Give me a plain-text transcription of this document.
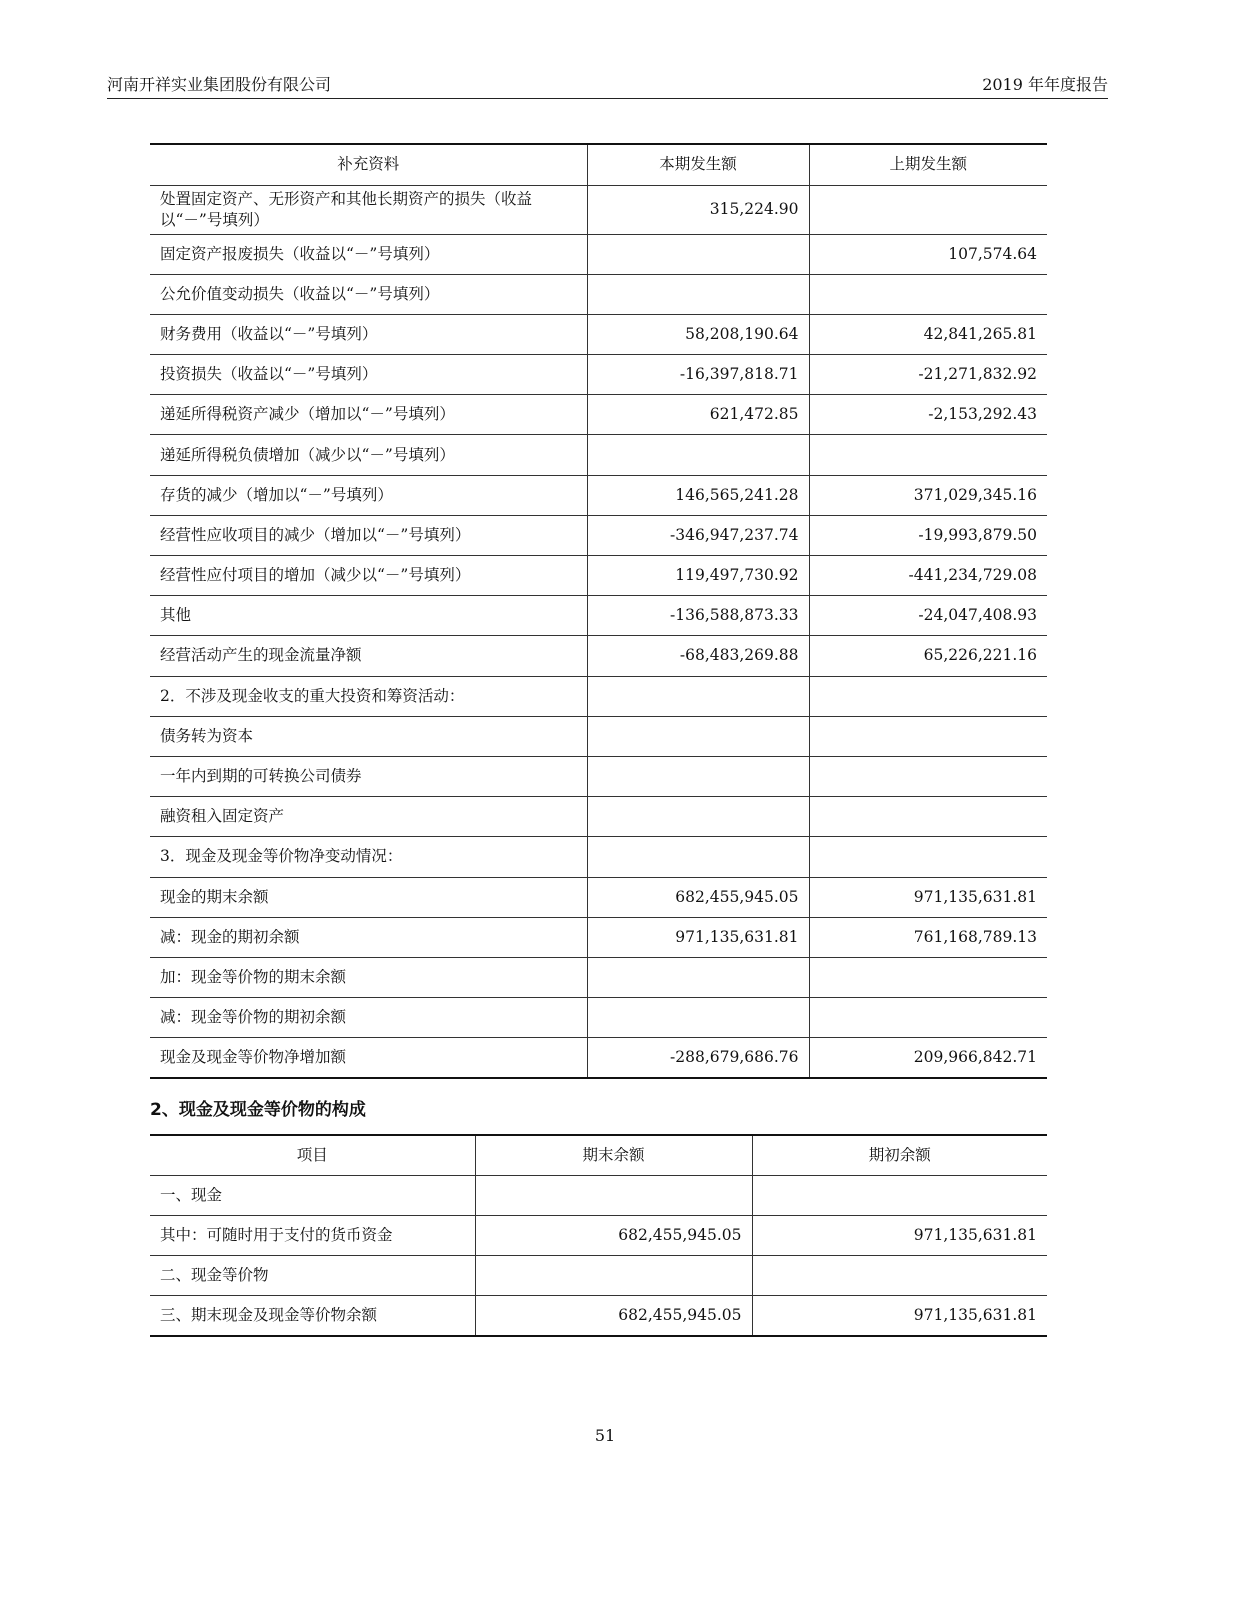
河南开祥实业集团股份有限公司	2019 年年度报告
补充资料	本期发生额	上期发生额
处置固定资产、无形资产和其他长期资产的损失（收益以“－”号填列）	315,224.90	
固定资产报废损失（收益以“－”号填列）		107,574.64
公允价值变动损失（收益以“－”号填列）		
财务费用（收益以“－”号填列）	58,208,190.64	42,841,265.81
投资损失（收益以“－”号填列）	-16,397,818.71	-21,271,832.92
递延所得税资产减少（增加以“－”号填列）	621,472.85	-2,153,292.43
递延所得税负债增加（减少以“－”号填列）		
存货的减少（增加以“－”号填列）	146,565,241.28	371,029,345.16
经营性应收项目的减少（增加以“－”号填列）	-346,947,237.74	-19,993,879.50
经营性应付项目的增加（减少以“－”号填列）	119,497,730.92	-441,234,729.08
其他	-136,588,873.33	-24,047,408.93
经营活动产生的现金流量净额	-68,483,269.88	65,226,221.16
2．不涉及现金收支的重大投资和筹资活动：		
债务转为资本		
一年内到期的可转换公司债券		
融资租入固定资产		
3．现金及现金等价物净变动情况：		
现金的期末余额	682,455,945.05	971,135,631.81
减：现金的期初余额	971,135,631.81	761,168,789.13
加：现金等价物的期末余额		
减：现金等价物的期初余额		
现金及现金等价物净增加额	-288,679,686.76	209,966,842.71
2、现金及现金等价物的构成
项目	期末余额	期初余额
一、现金		
其中：可随时用于支付的货币资金	682,455,945.05	971,135,631.81
二、现金等价物		
三、期末现金及现金等价物余额	682,455,945.05	971,135,631.81
51
